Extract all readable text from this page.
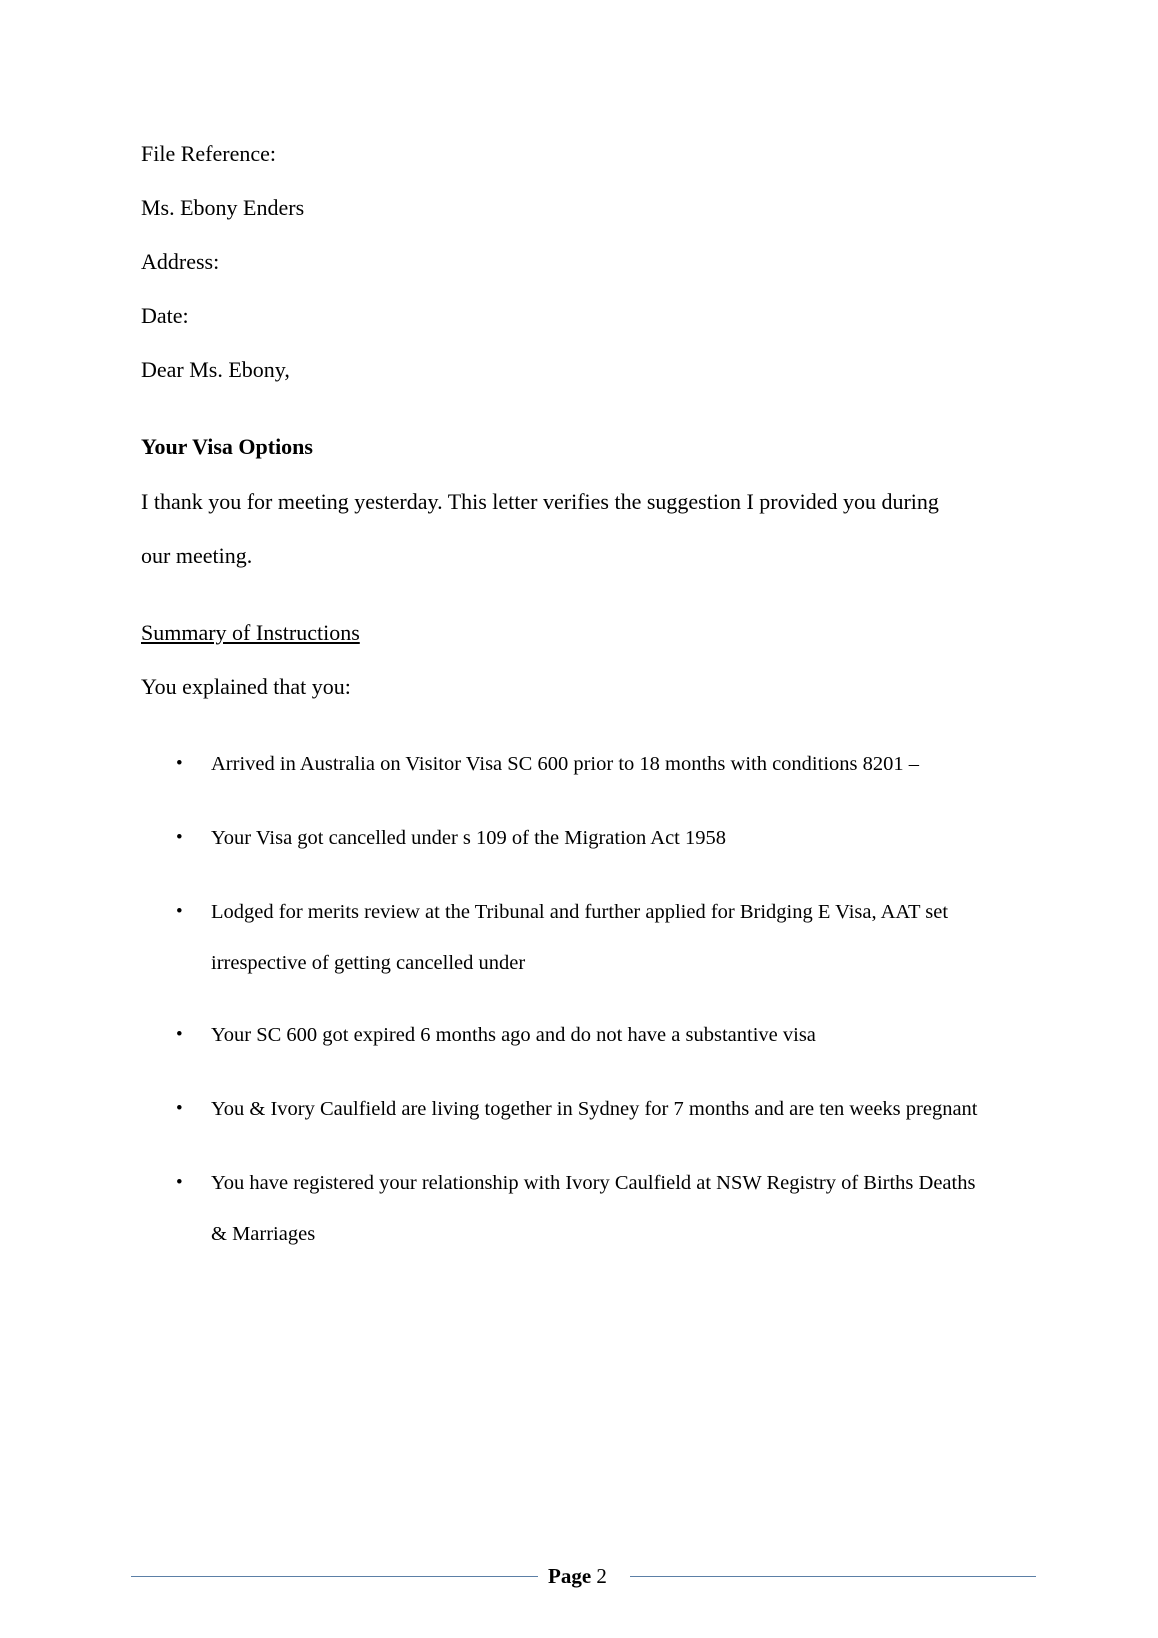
File Reference:
Ms. Ebony Enders
Address:
Date:
Dear Ms. Ebony,
Your Visa Options
I thank you for meeting yesterday. This letter verifies the suggestion I provided you during
our meeting.
Summary of Instructions
You explained that you:
• Arrived in Australia on Visitor Visa SC 600 prior to 18 months with conditions 8201 –
• Your Visa got cancelled under s 109 of the Migration Act 1958
• Lodged for merits review at the Tribunal and further applied for Bridging E Visa, AAT set
irrespective of getting cancelled under
• Your SC 600 got expired 6 months ago and do not have a substantive visa
• You & Ivory Caulfield are living together in Sydney for 7 months and are ten weeks pregnant
• You have registered your relationship with Ivory Caulfield at NSW Registry of Births Deaths
& Marriages
Page 2
